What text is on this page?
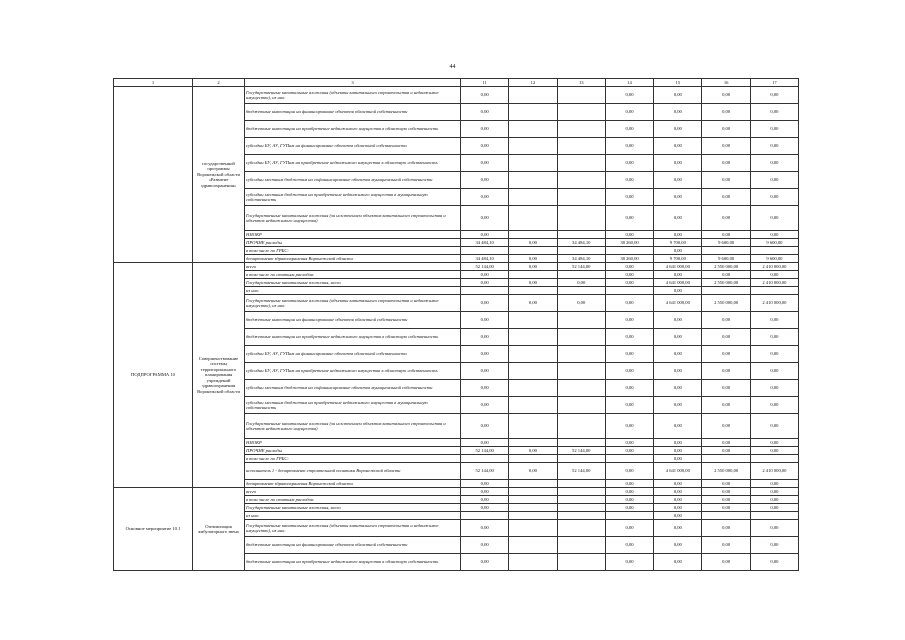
44
1	2	3	11	12	13	14	15	16	17
	государственной программы Воронежской области «Развитие здравоохранения»	Государственные капитальные вложения (объекты капитального строительства и недвижимое имущество), из них:	0,00			0,00	0,00	0,00	0,00
		бюджетные инвестиции на финансирование объектов областной собственности	0,00			0,00	0,00	0,00	0,00
		бюджетные инвестиции на приобретение недвижимого имущества в областную собственность	0,00			0,00	0,00	0,00	0,00
		субсидии БУ, АУ, ГУПам на финансирование объектов областной собственности	0,00			0,00	0,00	0,00	0,00
		субсидии БУ, АУ, ГУПам на приобретение недвижимого имущества в областную собственность	0,00			0,00	0,00	0,00	0,00
		субсидии местным бюджетам на софинансирование объектов муниципальной собственности	0,00			0,00	0,00	0,00	0,00
		субсидии местным бюджетам на приобретение недвижимого имущества в муниципальную собственность	0,00			0,00	0,00	0,00	0,00
		Государственные капитальные вложения (за исключением объектов капитального строительства и объектов недвижимого имущества)	0,00			0,00	0,00	0,00	0,00
		НИОКР	0,00			0,00	0,00	0,00	0,00
		ПРОЧИЕ расходы	34 484,10	0,00	34 484,10	38 260,00	9 700,00	9 600,00	9 600,00
		в том числе по ГРБС:					0,00		
		департамент здравоохранения Воронежской области	34 484,10	0,00	34 484,10	38 260,00	9 700,00	9 600,00	9 600,00
ПОДПРОГРАММА 10	Совершенствование системы территориального планирования учреждений здравоохранения Воронежской области	всего	52 144,00	0,00	52 144,00	0,00	4 641 000,00	2 550 000,00	2 410 000,00
		в том числе по статьям расходов:	0,00			0,00	0,00	0,00	0,00
		Государственные капитальные вложения, всего	0,00	0,00	0,00	0,00	4 641 000,00	2 550 000,00	2 410 000,00
		из них:					0,00		
		Государственные капитальные вложения (объекты капитального строительства и недвижимое имущество), из них:	0,00	0,00	0,00	0,00	4 641 000,00	2 550 000,00	2 410 000,00
		бюджетные инвестиции на финансирование объектов областной собственности	0,00			0,00	0,00	0,00	0,00
		бюджетные инвестиции на приобретение недвижимого имущества в областную собственность	0,00			0,00	0,00	0,00	0,00
		субсидии БУ, АУ, ГУПам на финансирование объектов областной собственности	0,00			0,00	0,00	0,00	0,00
		субсидии БУ, АУ, ГУПам на приобретение недвижимого имущества в областную собственность	0,00			0,00	0,00	0,00	0,00
		субсидии местным бюджетам на софинансирование объектов муниципальной собственности	0,00			0,00	0,00	0,00	0,00
		субсидии местным бюджетам на приобретение недвижимого имущества в муниципальную собственность	0,00			0,00	0,00	0,00	0,00
		Государственные капитальные вложения (за исключением объектов капитального строительства и объектов недвижимого имущества)	0,00			0,00	0,00	0,00	0,00
		НИОКР	0,00			0,00	0,00	0,00	0,00
		ПРОЧИЕ расходы	52 144,00	0,00	52 144,00	0,00	0,00	0,00	0,00
		в том числе по ГРБС:					0,00		
		исполнитель 1 - департамент строительной политики Воронежской области	52 144,00	0,00	52 144,00	0,00	4 641 000,00	2 550 000,00	2 410 000,00
		департамент здравоохранения Воронежской области	0,00			0,00	0,00	0,00	0,00
Основное мероприятие 10.1	Оптимизация амбулаторного звена	всего	0,00			0,00	0,00	0,00	0,00
		в том числе по статьям расходов:	0,00			0,00	0,00	0,00	0,00
		Государственные капитальные вложения, всего	0,00			0,00	0,00	0,00	0,00
		из них:					0,00		
		Государственные капитальные вложения (объекты капитального строительства и недвижимое имущество), из них:	0,00			0,00	0,00	0,00	0,00
		бюджетные инвестиции на финансирование объектов областной собственности	0,00			0,00	0,00	0,00	0,00
		бюджетные инвестиции на приобретение недвижимого имущества в областную собственность	0,00			0,00	0,00	0,00	0,00
